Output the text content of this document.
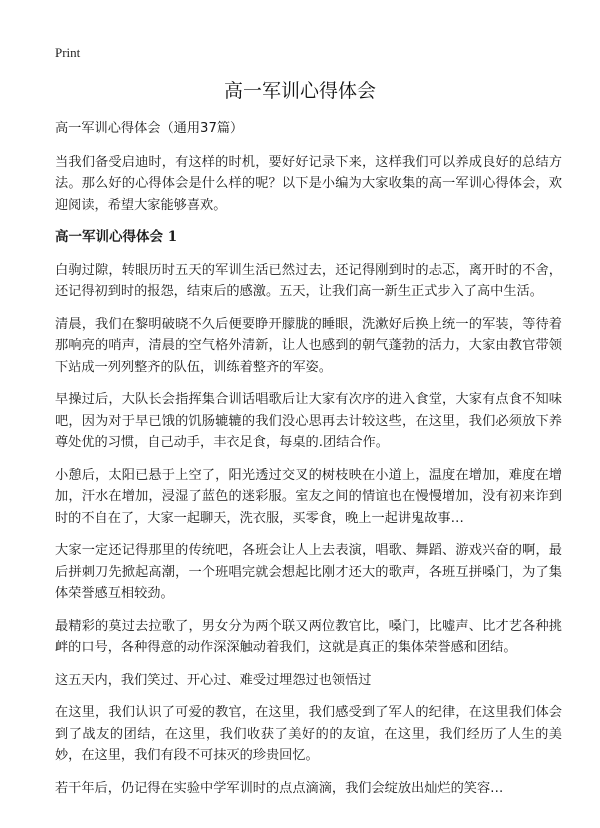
Print
高一军训心得体会

高一军训心得体会（通用37篇）

当我们备受启迪时，有这样的时机，要好好记录下来，这样我们可以养成良好的总结方法。那么好的心得体会是什么样的呢？以下是小编为大家收集的高一军训心得体会，欢迎阅读，希望大家能够喜欢。

高一军训心得体会 1

白驹过隙，转眼历时五天的军训生活已然过去，还记得刚到时的忐忑，离开时的不舍，还记得初到时的报怨，结束后的感激。五天，让我们高一新生正式步入了高中生活。

清晨，我们在黎明破晓不久后便要睁开朦胧的睡眼，洗漱好后换上统一的军装，等待着那响亮的哨声，清晨的空气格外清新，让人也感到的朝气蓬勃的活力，大家由教官带领下站成一列列整齐的队伍，训练着整齐的军姿。

早操过后，大队长会指挥集合训话唱歌后让大家有次序的进入食堂，大家有点食不知味吧，因为对于早已饿的饥肠辘辘的我们没心思再去计较这些，在这里，我们必须放下养尊处优的习惯，自己动手，丰衣足食，每桌的.团结合作。

小憩后，太阳已悬于上空了，阳光透过交叉的树枝映在小道上，温度在增加，难度在增加，汗水在增加，浸湿了蓝色的迷彩服。室友之间的情谊也在慢慢增加，没有初来诈到时的不自在了，大家一起聊天，洗衣服，买零食，晚上一起讲鬼故事…

大家一定还记得那里的传统吧，各班会让人上去表演，唱歌、舞蹈、游戏兴奋的啊，最后拼刺刀先掀起高潮，一个班唱完就会想起比刚才还大的歌声，各班互拼嗓门，为了集体荣誉感互相较劲。

最精彩的莫过去拉歌了，男女分为两个联又两位教官比，嗓门，比嘘声、比才艺各种挑衅的口号，各种得意的动作深深触动着我们，这就是真正的集体荣誉感和团结。

这五天内，我们笑过、开心过、难受过埋怨过也领悟过

在这里，我们认识了可爱的教官，在这里，我们感受到了军人的纪律，在这里我们体会到了战友的团结，在这里，我们收获了美好的的友谊，在这里，我们经历了人生的美妙，在这里，我们有段不可抹灭的珍贵回忆。

若干年后，仍记得在实验中学军训时的点点滴滴，我们会绽放出灿烂的笑容…
